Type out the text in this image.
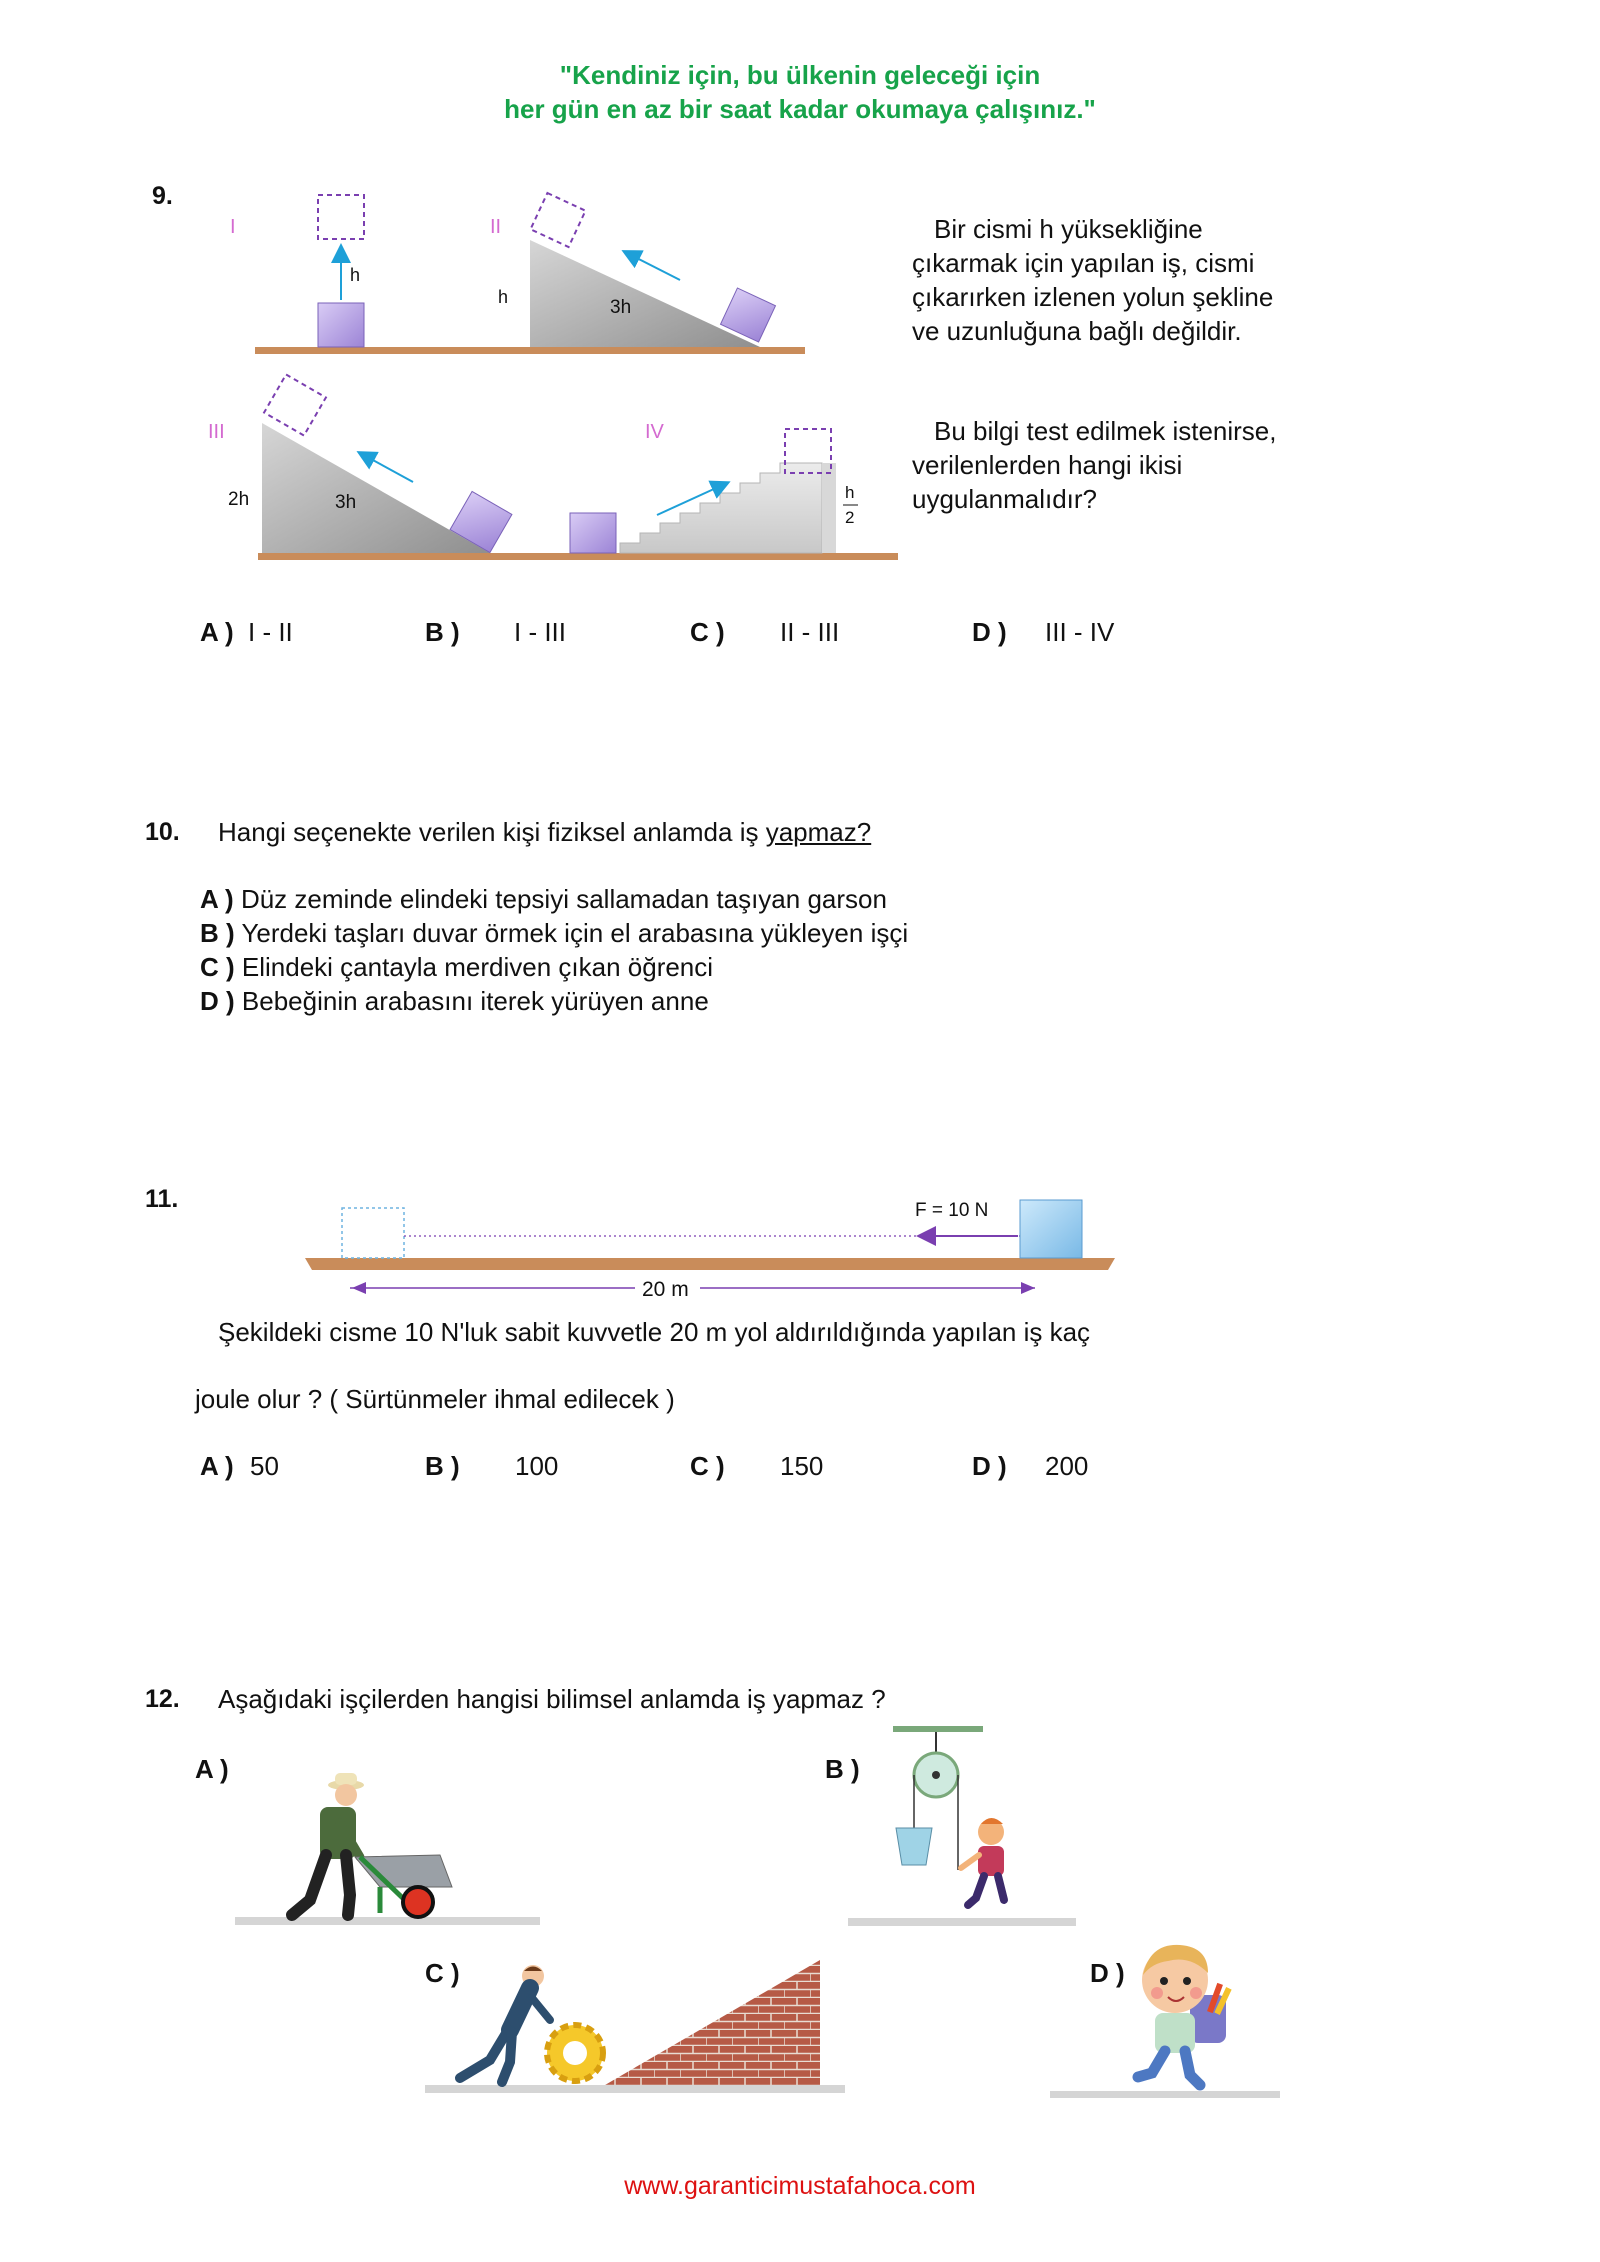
"Kendiniz için, bu ülkenin geleceği için
her gün en az bir saat kadar okumaya çalışınız."
9.
I
h
II
h	3h
III
2h	3h
IV
h
2
Bir cismi h yüksekliğine
çıkarmak için yapılan iş, cismi
çıkarırken izlenen yolun şekline
ve uzunluğuna bağlı değildir.
Bu bilgi test edilmek istenirse,
verilenlerden hangi ikisi
uygulanmalıdır?
A ) I - II	B ) I - III	C ) II - III	D ) III - IV
10. Hangi seçenekte verilen kişi fiziksel anlamda iş yapmaz?
A ) Düz zeminde elindeki tepsiyi sallamadan taşıyan garson
B ) Yerdeki taşları duvar örmek için el arabasına yükleyen işçi
C ) Elindeki çantayla merdiven çıkan öğrenci
D ) Bebeğinin arabasını iterek yürüyen anne
11.	F = 10 N
20 m
Şekildeki cisme 10 N'luk sabit kuvvetle 20 m yol aldırıldığında yapılan iş kaç
joule olur ? ( Sürtünmeler ihmal edilecek )
A ) 50	B ) 100	C ) 150	D ) 200
12. Aşağıdaki işçilerden hangisi bilimsel anlamda iş yapmaz ?
A )	B )
C )	D )
www.garanticimustafahoca.com
